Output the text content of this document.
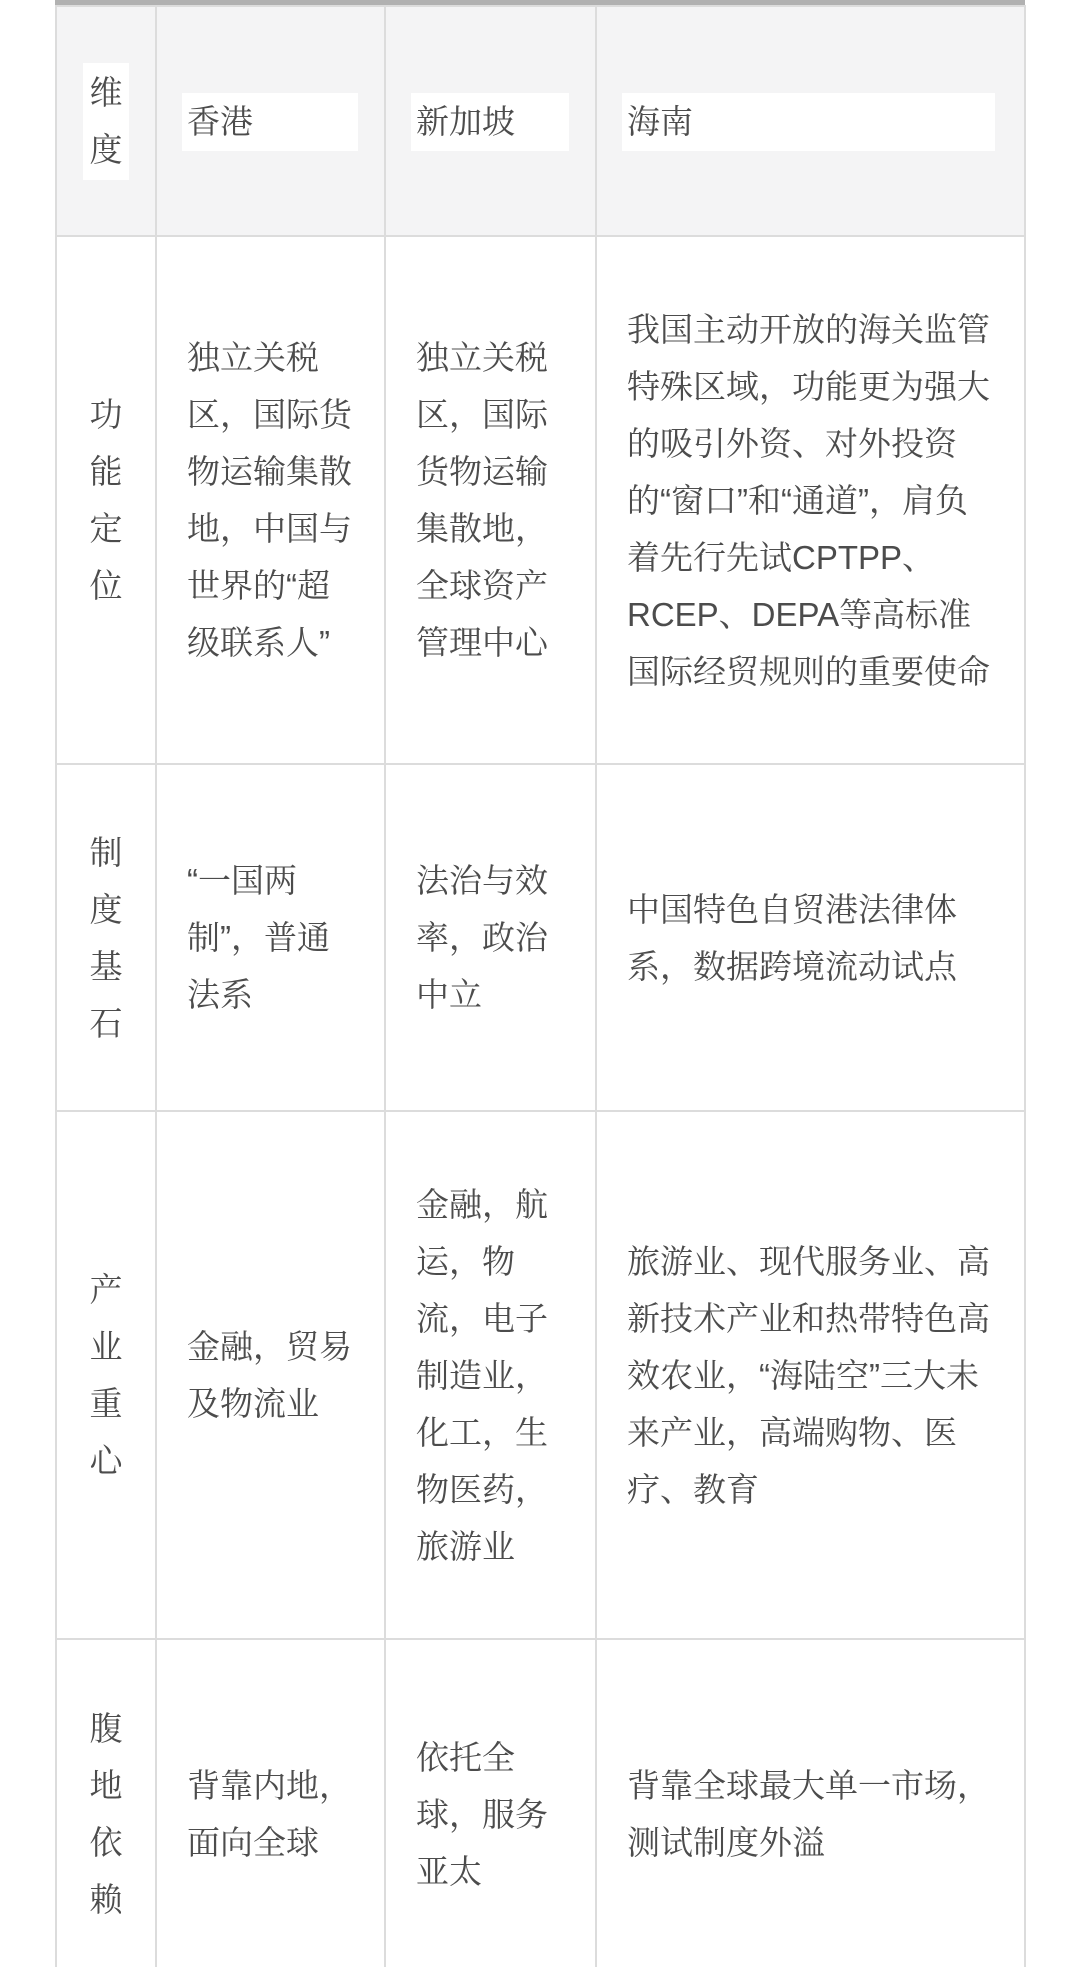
维度	香港	新加坡	海南

功能定位	独立关税区，国际货物运输集散地，中国与世界的“超级联系人”	独立关税区，国际货物运输集散地，全球资产管理中心	我国主动开放的海关监管特殊区域，功能更为强大的吸引外资、对外投资的“窗口”和“通道”，肩负着先行先试CPTPP、RCEP、DEPA等高标准国际经贸规则的重要使命
制度基石	“一国两制”，普通法系	法治与效率，政治中立	中国特色自贸港法律体系，数据跨境流动试点
产业重心	金融，贸易及物流业	金融，航运，物流，电子制造业，化工，生物医药，旅游业	旅游业、现代服务业、高新技术产业和热带特色高效农业，“海陆空”三大未来产业，高端购物、医疗、教育
腹地依赖	背靠内地，面向全球	依托全球，服务亚太	背靠全球最大单一市场，测试制度外溢
